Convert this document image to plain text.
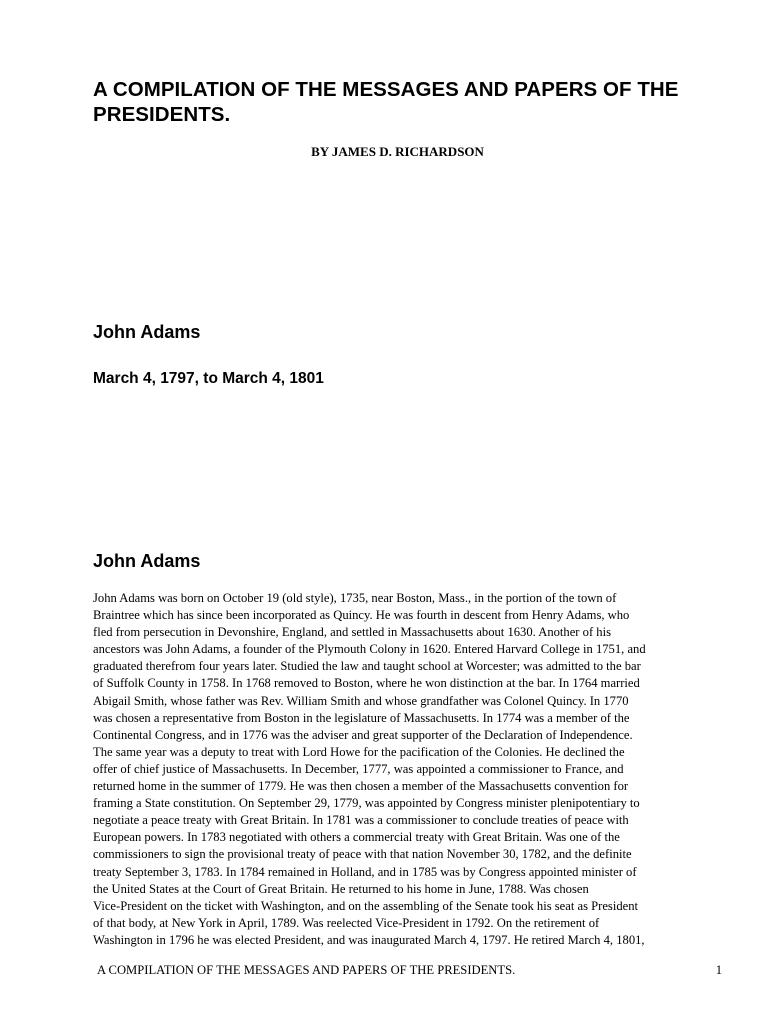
A COMPILATION OF THE MESSAGES AND PAPERS OF THE PRESIDENTS.

BY JAMES D. RICHARDSON

John Adams
March 4, 1797, to March 4, 1801
John Adams
John Adams was born on October 19 (old style), 1735, near Boston, Mass., in the portion of the town of
Braintree which has since been incorporated as Quincy. He was fourth in descent from Henry Adams, who
fled from persecution in Devonshire, England, and settled in Massachusetts about 1630. Another of his
ancestors was John Adams, a founder of the Plymouth Colony in 1620. Entered Harvard College in 1751, and
graduated therefrom four years later. Studied the law and taught school at Worcester; was admitted to the bar
of Suffolk County in 1758. In 1768 removed to Boston, where he won distinction at the bar. In 1764 married
Abigail Smith, whose father was Rev. William Smith and whose grandfather was Colonel Quincy. In 1770
was chosen a representative from Boston in the legislature of Massachusetts. In 1774 was a member of the
Continental Congress, and in 1776 was the adviser and great supporter of the Declaration of Independence.
The same year was a deputy to treat with Lord Howe for the pacification of the Colonies. He declined the
offer of chief justice of Massachusetts. In December, 1777, was appointed a commissioner to France, and
returned home in the summer of 1779. He was then chosen a member of the Massachusetts convention for
framing a State constitution. On September 29, 1779, was appointed by Congress minister plenipotentiary to
negotiate a peace treaty with Great Britain. In 1781 was a commissioner to conclude treaties of peace with
European powers. In 1783 negotiated with others a commercial treaty with Great Britain. Was one of the
commissioners to sign the provisional treaty of peace with that nation November 30, 1782, and the definite
treaty September 3, 1783. In 1784 remained in Holland, and in 1785 was by Congress appointed minister of
the United States at the Court of Great Britain. He returned to his home in June, 1788. Was chosen
Vice-President on the ticket with Washington, and on the assembling of the Senate took his seat as President
of that body, at New York in April, 1789. Was reelected Vice-President in 1792. On the retirement of
Washington in 1796 he was elected President, and was inaugurated March 4, 1797. He retired March 4, 1801,

A COMPILATION OF THE MESSAGES AND PAPERS OF THE PRESIDENTS.	1
